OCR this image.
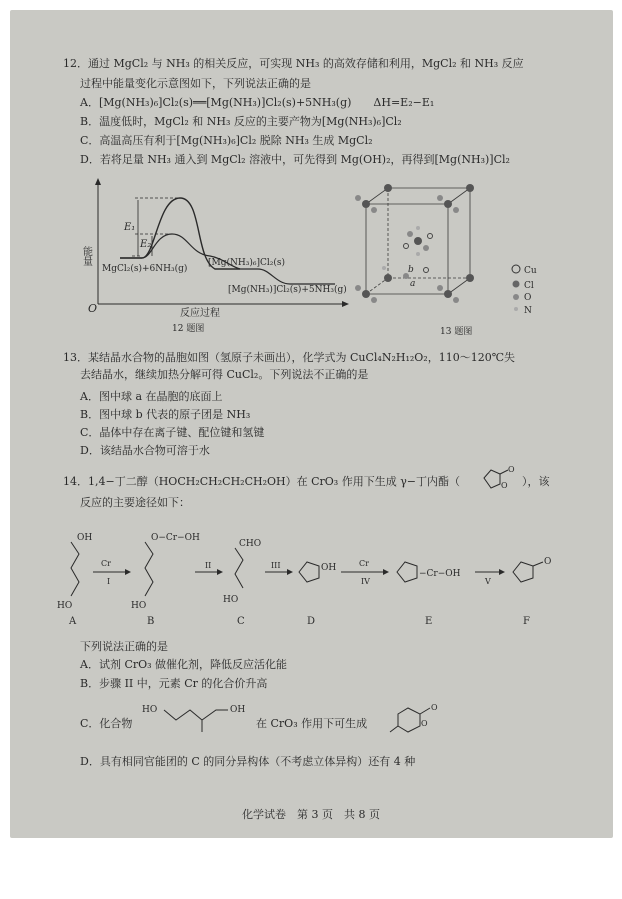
12．通过 MgCl₂ 与 NH₃ 的相关反应，可实现 NH₃ 的高效存储和利用，MgCl₂ 和 NH₃ 反应
过程中能量变化示意图如下，下列说法正确的是
A．[Mg(NH₃)₆]Cl₂(s)══[Mg(NH₃)]Cl₂(s)+5NH₃(g)　　ΔH=E₂−E₁
B．温度低时，MgCl₂ 和 NH₃ 反应的主要产物为[Mg(NH₃)₆]Cl₂
C．高温高压有利于[Mg(NH₃)₆]Cl₂ 脱除 NH₃ 生成 MgCl₂
D．若将足量 NH₃ 通入到 MgCl₂ 溶液中，可先得到 Mg(OH)₂，再得到[Mg(NH₃)]Cl₂
能量
O
E₁
E₂
MgCl₂(s)+6NH₃(g)
[Mg(NH₃)₆]Cl₂(s)
[Mg(NH₃)]Cl₂(s)+5NH₃(g)
反应过程
12 题图
Cu
Cl
O
N
a
b
13 题图
13．某结晶水合物的晶胞如图（氢原子未画出），化学式为 CuCl₄N₂H₁₂O₂，110～120℃失
去结晶水，继续加热分解可得 CuCl₂。下列说法不正确的是
A．图中球 a 在晶胞的底面上
B．图中球 b 代表的原子团是 NH₃
C．晶体中存在离子键、配位键和氢键
D．该结晶水合物可溶于水
14．1,4−丁二醇（HOCH₂CH₂CH₂CH₂OH）在 CrO₃ 作用下生成 γ−丁内酯（	O
O
），该
反应的主要途径如下：
OH
HO
A
Cr
I
O−Cr−OH
HO
B
II
CHO
HO
C
III	OH
D
Cr
IV
−Cr−OH
E
V
O
F
下列说法正确的是
A．试剂 CrO₃ 做催化剂，降低反应活化能
B．步骤 II 中，元素 Cr 的化合价升高
C．化合物
HO	OH
在 CrO₃ 作用下可生成	O
O
D．具有相同官能团的 C 的同分异构体（不考虑立体异构）还有 4 种
化学试卷　第 3 页　共 8 页
